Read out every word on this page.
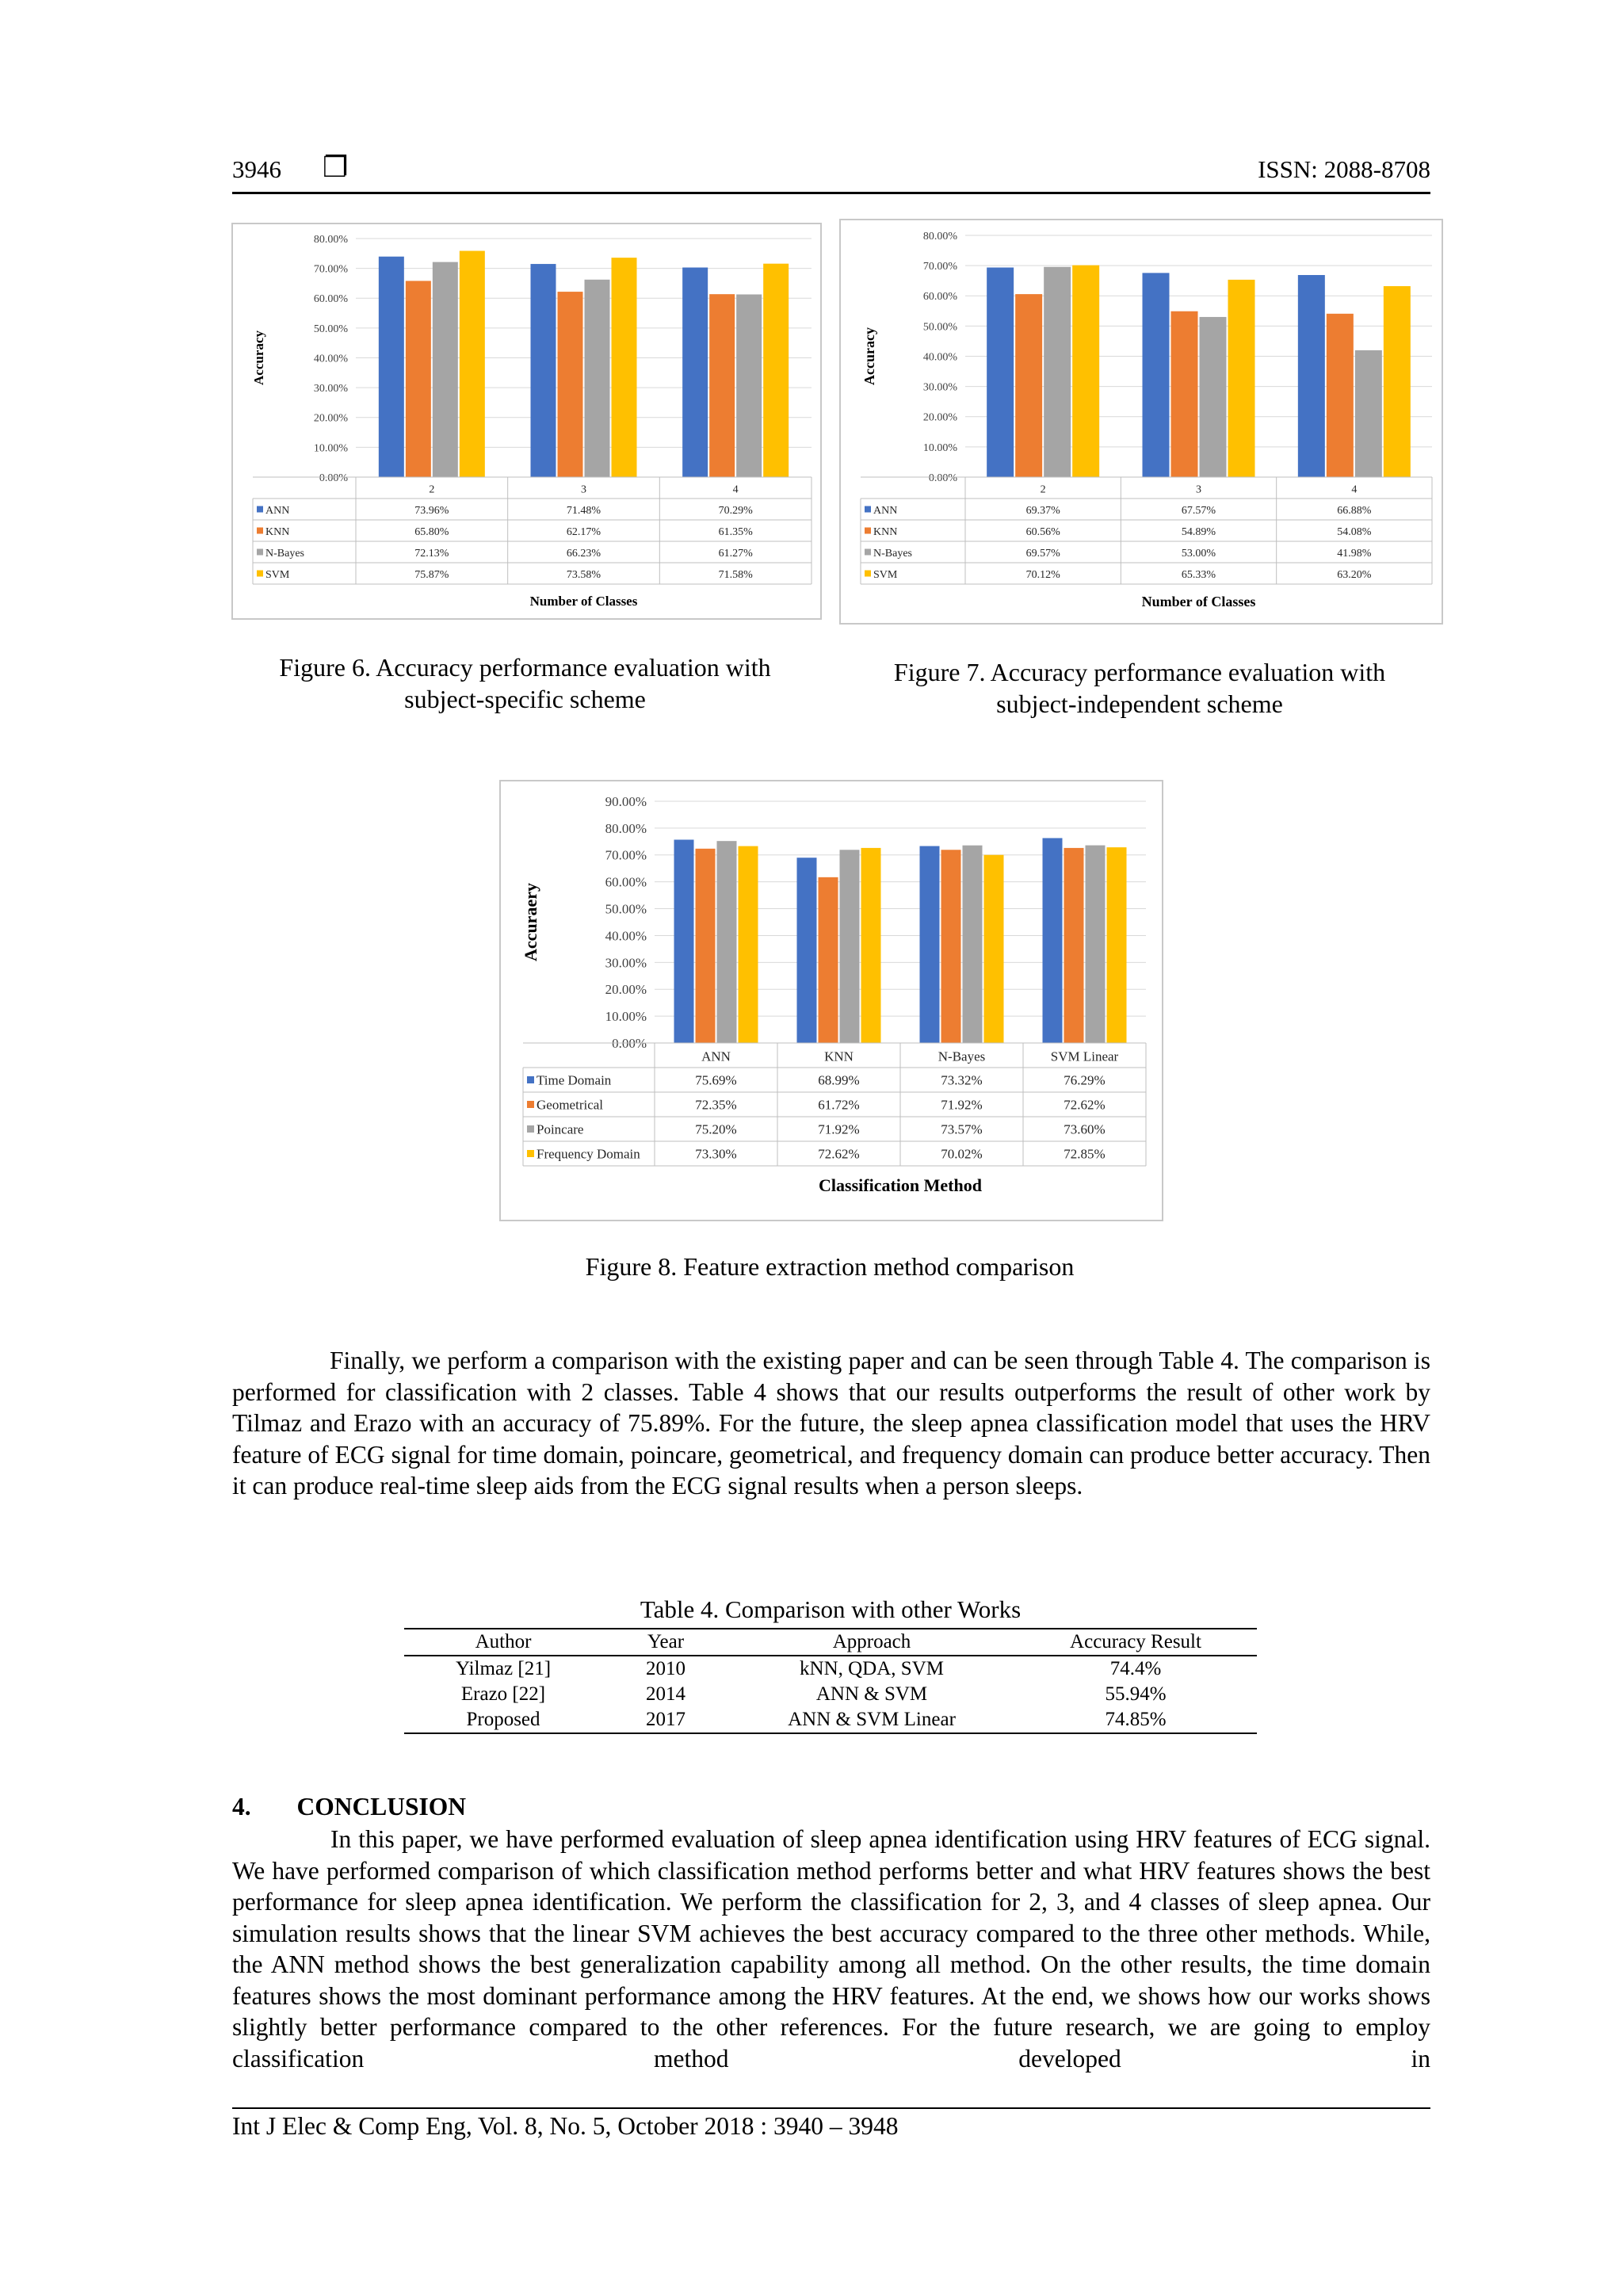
3946 ❐	ISSN: 2088-8708
0.00%
10.00%
20.00%
30.00%
40.00%
50.00%
60.00%
70.00%
80.00%
Accuracy
2	3	4
ANN	73.96%	71.48%	70.29%
KNN	65.80%	62.17%	61.35%
N-Bayes	72.13%	66.23%	61.27%
SVM	75.87%	73.58%	71.58%
Number of Classes
Figure 6. Accuracy performance evaluation with
subject-specific scheme
0.00%
10.00%
20.00%
30.00%
40.00%
50.00%
60.00%
70.00%
80.00%
Accuracy
2	3	4
ANN	69.37%	67.57%	66.88%
KNN	60.56%	54.89%	54.08%
N-Bayes	69.57%	53.00%	41.98%
SVM	70.12%	65.33%	63.20%
Number of Classes
Figure 7. Accuracy performance evaluation with
subject-independent scheme
0.00%
10.00%
20.00%
30.00%
40.00%
50.00%
60.00%
70.00%
80.00%
90.00%
Accuraery
ANN	KNN	N-Bayes	SVM Linear
Time Domain	75.69%	68.99%	73.32%	76.29%
Geometrical	72.35%	61.72%	71.92%	72.62%
Poincare	75.20%	71.92%	73.57%	73.60%
Frequency Domain	73.30%	72.62%	70.02%	72.85%
Classification Method
Figure 8. Feature extraction method comparison

Finally, we perform a comparison with the existing paper and can be seen through Table 4. The comparison is performed for classification with 2 classes. Table 4 shows that our results outperforms the result of other work by Tilmaz and Erazo with an accuracy of 75.89%. For the future, the sleep apnea classification model that uses the HRV feature of ECG signal for time domain, poincare, geometrical, and frequency domain can produce better accuracy. Then it can produce real-time sleep aids from the ECG signal results when a person sleeps.

Table 4. Comparison with other Works
Author	Year	Approach	Accuracy Result
Yilmaz [21]	2010	kNN, QDA, SVM	74.4%
Erazo [22]	2014	ANN & SVM	55.94%
Proposed	2017	ANN & SVM Linear	74.85%
4. CONCLUSION

In this paper, we have performed evaluation of sleep apnea identification using HRV features of ECG signal. We have performed comparison of which classification method performs better and what HRV features shows the best performance for sleep apnea identification. We perform the classification for 2, 3, and 4 classes of sleep apnea. Our simulation results shows that the linear SVM achieves the best accuracy compared to the three other methods. While, the ANN method shows the best generalization capability among all method. On the other results, the time domain features shows the most dominant performance among the HRV features. At the end, we shows how our works shows slightly better performance compared to the other references. For the future research, we are going to employ classification method developed in

Int J Elec & Comp Eng, Vol. 8, No. 5, October 2018 : 3940 – 3948
